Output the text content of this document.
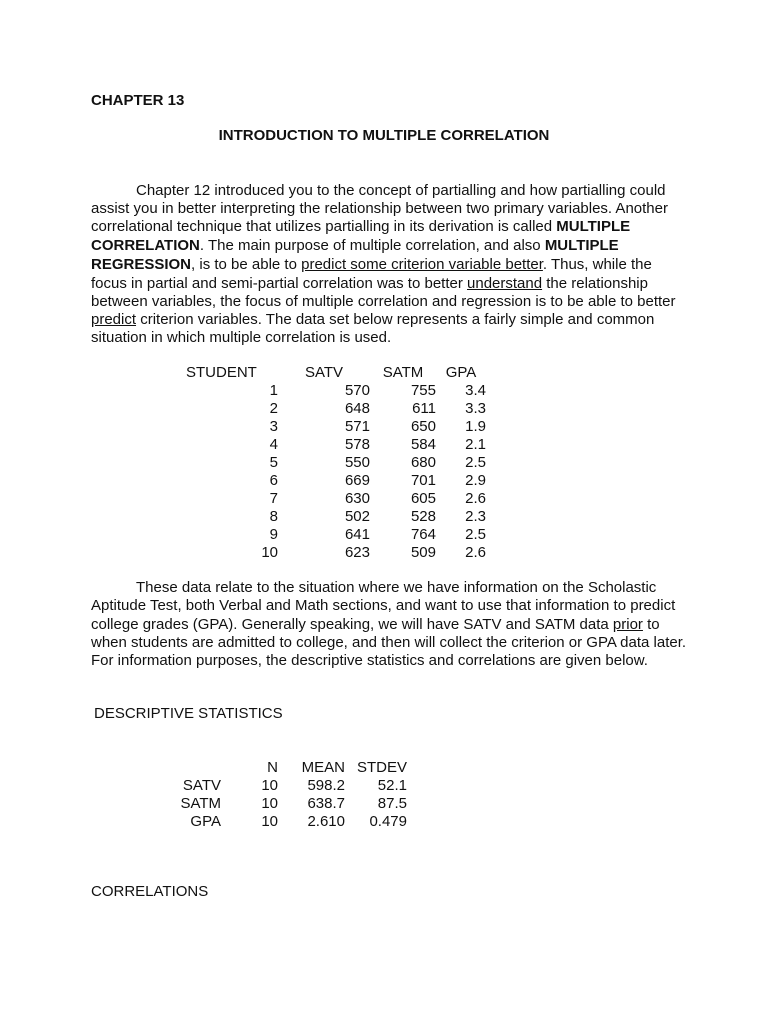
CHAPTER 13
INTRODUCTION TO MULTIPLE CORRELATION
Chapter 12 introduced you to the concept of partialling and how partialling could
assist you in better interpreting the relationship between two primary variables. Another
correlational technique that utilizes partialling in its derivation is called MULTIPLE
CORRELATION. The main purpose of multiple correlation, and also MULTIPLE
REGRESSION, is to be able to predict some criterion variable better. Thus, while the
focus in partial and semi-partial correlation was to better understand the relationship
between variables, the focus of multiple correlation and regression is to be able to better
predict criterion variables. The data set below represents a fairly simple and common
situation in which multiple correlation is used.
STUDENT	SATV	SATM	GPA
1	570	755	3.4
2	648	611	3.3
3	571	650	1.9
4	578	584	2.1
5	550	680	2.5
6	669	701	2.9
7	630	605	2.6
8	502	528	2.3
9	641	764	2.5
10	623	509	2.6
These data relate to the situation where we have information on the Scholastic
Aptitude Test, both Verbal and Math sections, and want to use that information to predict
college grades (GPA). Generally speaking, we will have SATV and SATM data prior to
when students are admitted to college, and then will collect the criterion or GPA data later.
For information purposes, the descriptive statistics and correlations are given below.
DESCRIPTIVE STATISTICS
	N	MEAN	STDEV
SATV	10	598.2	52.1
SATM	10	638.7	87.5
GPA	10	2.610	0.479
CORRELATIONS
